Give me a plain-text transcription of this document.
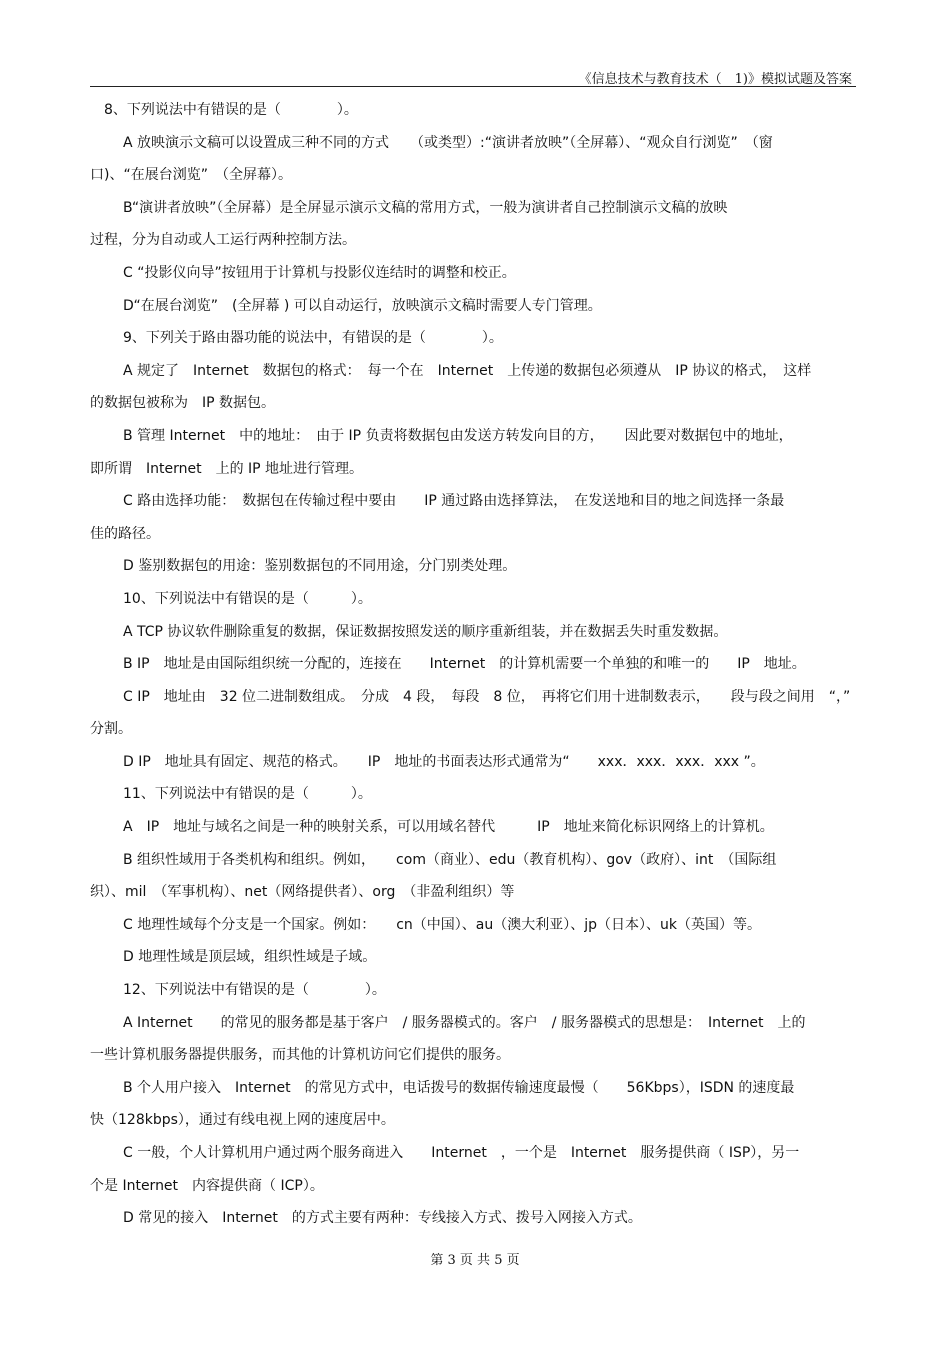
《信息技术与教育技术（　1)》模拟试题及答案
8、下列说法中有错误的是（　　　　）。
A 放映演示文稿可以设置成三种不同的方式　　（或类型）:“演讲者放映”（全屏幕）、“观众自行浏览”　（窗
口)、“在展台浏览”　（全屏幕）。
B“演讲者放映”（全屏幕）是全屏显示演示文稿的常用方式，一般为演讲者自己控制演示文稿的放映
过程，分为自动或人工运行两种控制方法。
C “投影仪向导”按钮用于计算机与投影仪连结时的调整和校正。
D“在展台浏览”　(全屏幕 ) 可以自动运行，放映演示文稿时需要人专门管理。
9、下列关于路由器功能的说法中，有错误的是（　　　　）。
A 规定了　Internet　数据包的格式：　每一个在　Internet　上传递的数据包必须遵从　IP 协议的格式，　这样
的数据包被称为　IP 数据包。
B 管理 Internet　中的地址：　由于 IP 负责将数据包由发送方转发向目的方，　　因此要对数据包中的地址，
即所谓　Internet　上的 IP 地址进行管理。
C 路由选择功能：　数据包在传输过程中要由　　IP 通过路由选择算法，　在发送地和目的地之间选择一条最
佳的路径。
D 鉴别数据包的用途：鉴别数据包的不同用途，分门别类处理。
10、下列说法中有错误的是（　　　）。
A TCP 协议软件删除重复的数据，保证数据按照发送的顺序重新组装，并在数据丢失时重发数据。
B IP　地址是由国际组织统一分配的，连接在　　Internet　的计算机需要一个单独的和唯一的　　IP　地址。
C IP　地址由　32 位二进制数组成。　分成　4 段，　每段　8 位，　再将它们用十进制数表示，　　段与段之间用　“，”
分割。
D IP　地址具有固定、规范的格式。　　IP　地址的书面表达形式通常为“　　xxx．xxx．xxx．xxx ”。
11、下列说法中有错误的是（　　　）。
A　IP　地址与域名之间是一种的映射关系，可以用域名替代　　　IP　地址来简化标识网络上的计算机。
B 组织性域用于各类机构和组织。例如，　　com（商业）、edu（教育机构）、gov（政府）、int　（国际组
织）、mil　（军事机构）、net（网络提供者）、org　（非盈利组织）等
C 地理性域每个分支是一个国家。例如：　　cn（中国）、au（澳大利亚）、jp（日本）、uk（英国）等。
D 地理性域是顶层域，组织性域是子域。
12、下列说法中有错误的是（　　　　）。
A Internet　　的常见的服务都是基于客户　/ 服务器模式的。客户　/ 服务器模式的思想是：　Internet　上的
一些计算机服务器提供服务，而其他的计算机访问它们提供的服务。
B 个人用户接入　Internet　的常见方式中，电话拨号的数据传输速度最慢（　　56Kbps），ISDN 的速度最
快（128kbps），通过有线电视上网的速度居中。
C 一般，个人计算机用户通过两个服务商进入　　Internet　，一个是　Internet　服务提供商（ ISP），另一
个是 Internet　内容提供商（ ICP）。
D 常见的接入　Internet　的方式主要有两种：专线接入方式、拨号入网接入方式。
第 3 页 共 5 页
